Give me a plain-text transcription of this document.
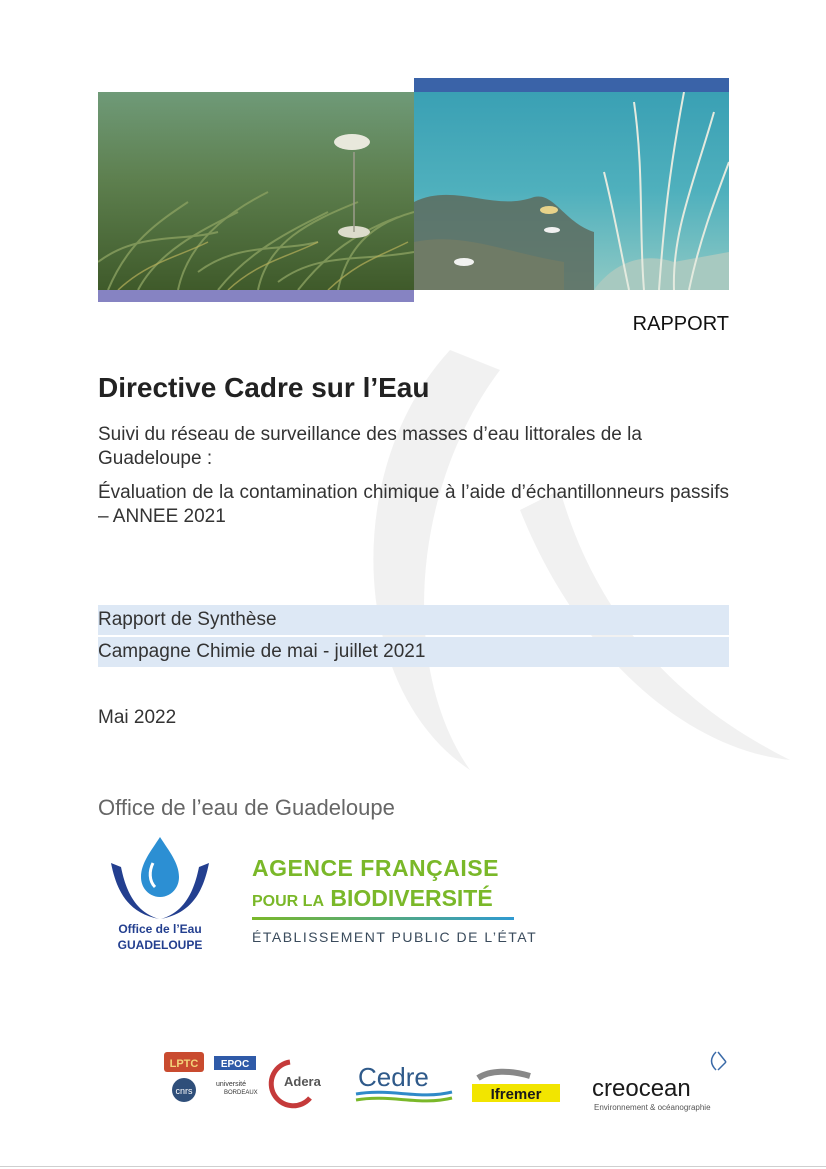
RAPPORT
Directive Cadre sur l’Eau
Suivi du réseau de surveillance des masses d’eau littorales de la Guadeloupe :
Évaluation de la contamination chimique à l’aide d’échantillonneurs passifs – ANNEE 2021
Rapport de Synthèse
Campagne Chimie de mai - juillet 2021
Mai 2022
Office de l’eau de Guadeloupe
Office de l’Eau
GUADELOUPE
AGENCE FRANÇAISE
POUR LA BIODIVERSITÉ
ÉTABLISSEMENT PUBLIC DE L’ÉTAT
LPTC
cnrs
EPOC
université
BORDEAUX
Adera Cedre
Ifremer creocean
Environnement & océanographie
